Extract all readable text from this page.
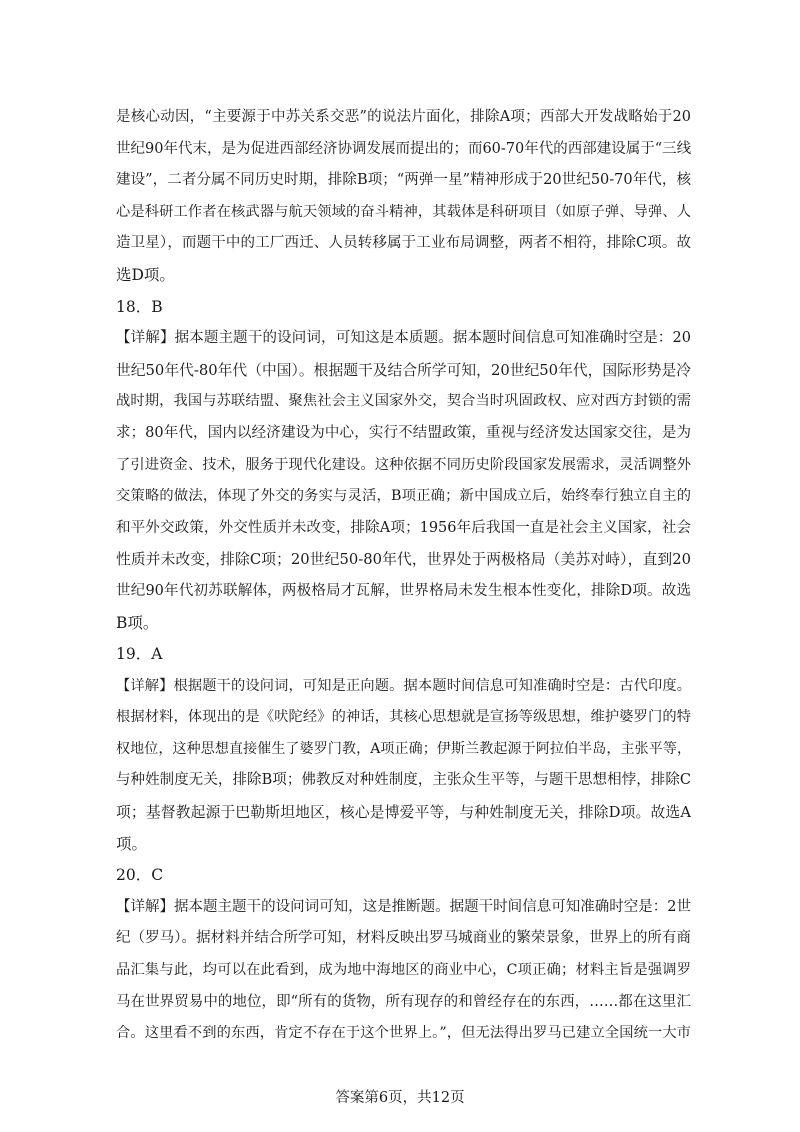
是核心动因，“主要源于中苏关系交恶”的说法片面化，排除A项；西部大开发战略始于20
世纪90年代末，是为促进西部经济协调发展而提出的；而60-70年代的西部建设属于“三线
建设”，二者分属不同历史时期，排除B项；“两弹一星”精神形成于20世纪50-70年代，核
心是科研工作者在核武器与航天领域的奋斗精神，其载体是科研项目（如原子弹、导弹、人
造卫星），而题干中的工厂西迁、人员转移属于工业布局调整，两者不相符，排除C项。故
选D项。
18．B
【详解】据本题主题干的设问词，可知这是本质题。据本题时间信息可知准确时空是：20
世纪50年代-80年代（中国）。根据题干及结合所学可知，20世纪50年代，国际形势是冷
战时期，我国与苏联结盟、聚焦社会主义国家外交，契合当时巩固政权、应对西方封锁的需
求；80年代，国内以经济建设为中心，实行不结盟政策，重视与经济发达国家交往，是为
了引进资金、技术，服务于现代化建设。这种依据不同历史阶段国家发展需求，灵活调整外
交策略的做法，体现了外交的务实与灵活，B项正确；新中国成立后，始终奉行独立自主的
和平外交政策，外交性质并未改变，排除A项；1956年后我国一直是社会主义国家，社会
性质并未改变，排除C项；20世纪50-80年代，世界处于两极格局（美苏对峙），直到20
世纪90年代初苏联解体，两极格局才瓦解，世界格局未发生根本性变化，排除D项。故选
B项。
19．A
【详解】根据题干的设问词，可知是正向题。据本题时间信息可知准确时空是：古代印度。
根据材料，体现出的是《吠陀经》的神话，其核心思想就是宣扬等级思想，维护婆罗门的特
权地位，这种思想直接催生了婆罗门教，A项正确；伊斯兰教起源于阿拉伯半岛，主张平等，
与种姓制度无关，排除B项；佛教反对种姓制度，主张众生平等，与题干思想相悖，排除C
项；基督教起源于巴勒斯坦地区，核心是博爱平等，与种姓制度无关，排除D项。故选A
项。
20．C
【详解】据本题主题干的设问词可知，这是推断题。据题干时间信息可知准确时空是：2世
纪（罗马）。据材料并结合所学可知，材料反映出罗马城商业的繁荣景象，世界上的所有商
品汇集与此，均可以在此看到，成为地中海地区的商业中心，C项正确；材料主旨是强调罗
马在世界贸易中的地位，即“所有的货物，所有现存的和曾经存在的东西，……都在这里汇
合。这里看不到的东西，肯定不存在于这个世界上。”，但无法得出罗马已建立全国统一大市
答案第6页，共12页
